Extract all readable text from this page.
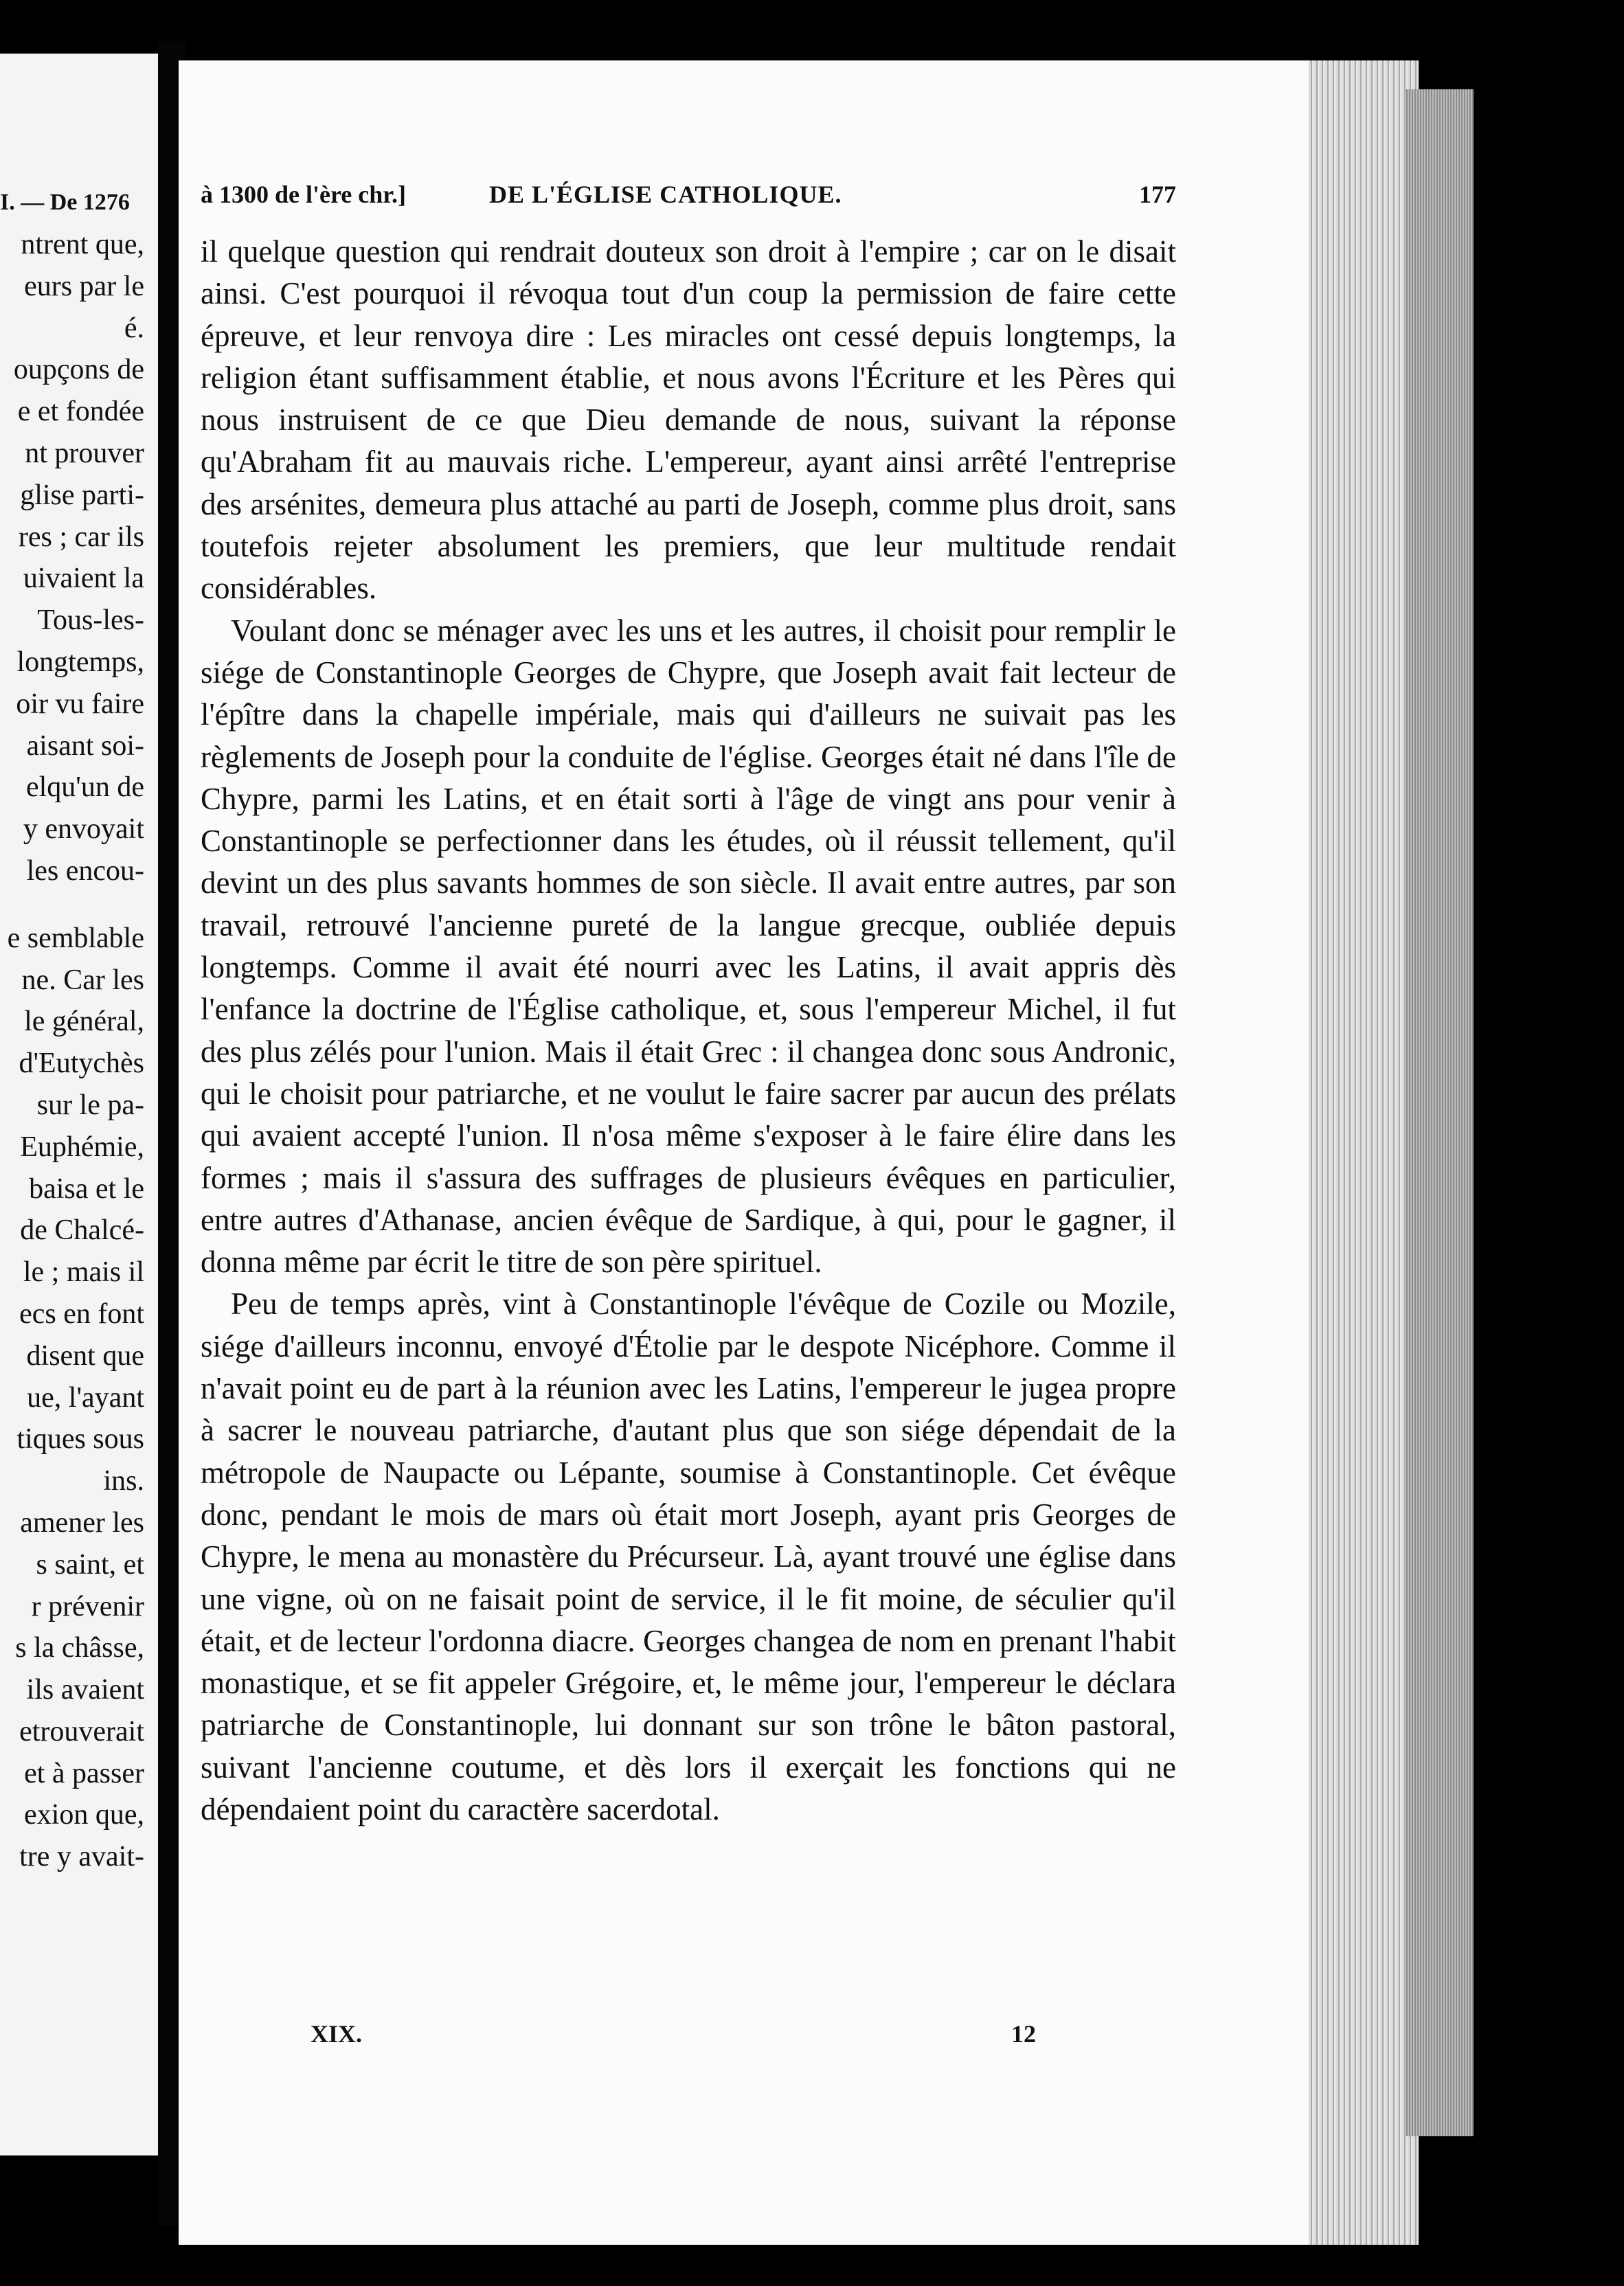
I. — De 1276
ntrent que,
eurs par le
é.
oupçons de
e et fondée
nt prouver
glise parti-
res ; car ils
uivaient la
Tous-les-
longtemps,
oir vu faire
aisant soi-
elqu'un de
y envoyait
les encou-
e semblable
ne. Car les
le général,
d'Eutychès
sur le pa-
Euphémie,
baisa et le
de Chalcé-
le ; mais il
ecs en font
disent que
ue, l'ayant
tiques sous
ins.
amener les
s saint, et
r prévenir
s la châsse,
ils avaient
etrouverait
et à passer
exion que,
tre y avait-
à 1300 de l'ère chr.]	DE L'ÉGLISE CATHOLIQUE.	177

il quelque question qui rendrait douteux son droit à l'empire ; car on le disait ainsi. C'est pourquoi il révoqua tout d'un coup la permission de faire cette épreuve, et leur renvoya dire : Les miracles ont cessé depuis longtemps, la religion étant suffisamment établie, et nous avons l'Écriture et les Pères qui nous instruisent de ce que Dieu demande de nous, suivant la réponse qu'Abraham fit au mauvais riche. L'empereur, ayant ainsi arrêté l'entreprise des arsénites, demeura plus attaché au parti de Joseph, comme plus droit, sans toutefois rejeter absolument les premiers, que leur multitude rendait considérables.

Voulant donc se ménager avec les uns et les autres, il choisit pour remplir le siége de Constantinople Georges de Chypre, que Joseph avait fait lecteur de l'épître dans la chapelle impériale, mais qui d'ailleurs ne suivait pas les règlements de Joseph pour la conduite de l'église. Georges était né dans l'île de Chypre, parmi les Latins, et en était sorti à l'âge de vingt ans pour venir à Constantinople se perfectionner dans les études, où il réussit tellement, qu'il devint un des plus savants hommes de son siècle. Il avait entre autres, par son travail, retrouvé l'ancienne pureté de la langue grecque, oubliée depuis longtemps. Comme il avait été nourri avec les Latins, il avait appris dès l'enfance la doctrine de l'Église catholique, et, sous l'empereur Michel, il fut des plus zélés pour l'union. Mais il était Grec : il changea donc sous Andronic, qui le choisit pour patriarche, et ne voulut le faire sacrer par aucun des prélats qui avaient accepté l'union. Il n'osa même s'exposer à le faire élire dans les formes ; mais il s'assura des suffrages de plusieurs évêques en particulier, entre autres d'Athanase, ancien évêque de Sardique, à qui, pour le gagner, il donna même par écrit le titre de son père spirituel.

Peu de temps après, vint à Constantinople l'évêque de Cozile ou Mozile, siége d'ailleurs inconnu, envoyé d'Étolie par le despote Nicéphore. Comme il n'avait point eu de part à la réunion avec les Latins, l'empereur le jugea propre à sacrer le nouveau patriarche, d'autant plus que son siége dépendait de la métropole de Naupacte ou Lépante, soumise à Constantinople. Cet évêque donc, pendant le mois de mars où était mort Joseph, ayant pris Georges de Chypre, le mena au monastère du Précurseur. Là, ayant trouvé une église dans une vigne, où on ne faisait point de service, il le fit moine, de séculier qu'il était, et de lecteur l'ordonna diacre. Georges changea de nom en prenant l'habit monastique, et se fit appeler Grégoire, et, le même jour, l'empereur le déclara patriarche de Constantinople, lui donnant sur son trône le bâton pastoral, suivant l'ancienne coutume, et dès lors il exerçait les fonctions qui ne dépendaient point du caractère sacerdotal.

XIX.	12
